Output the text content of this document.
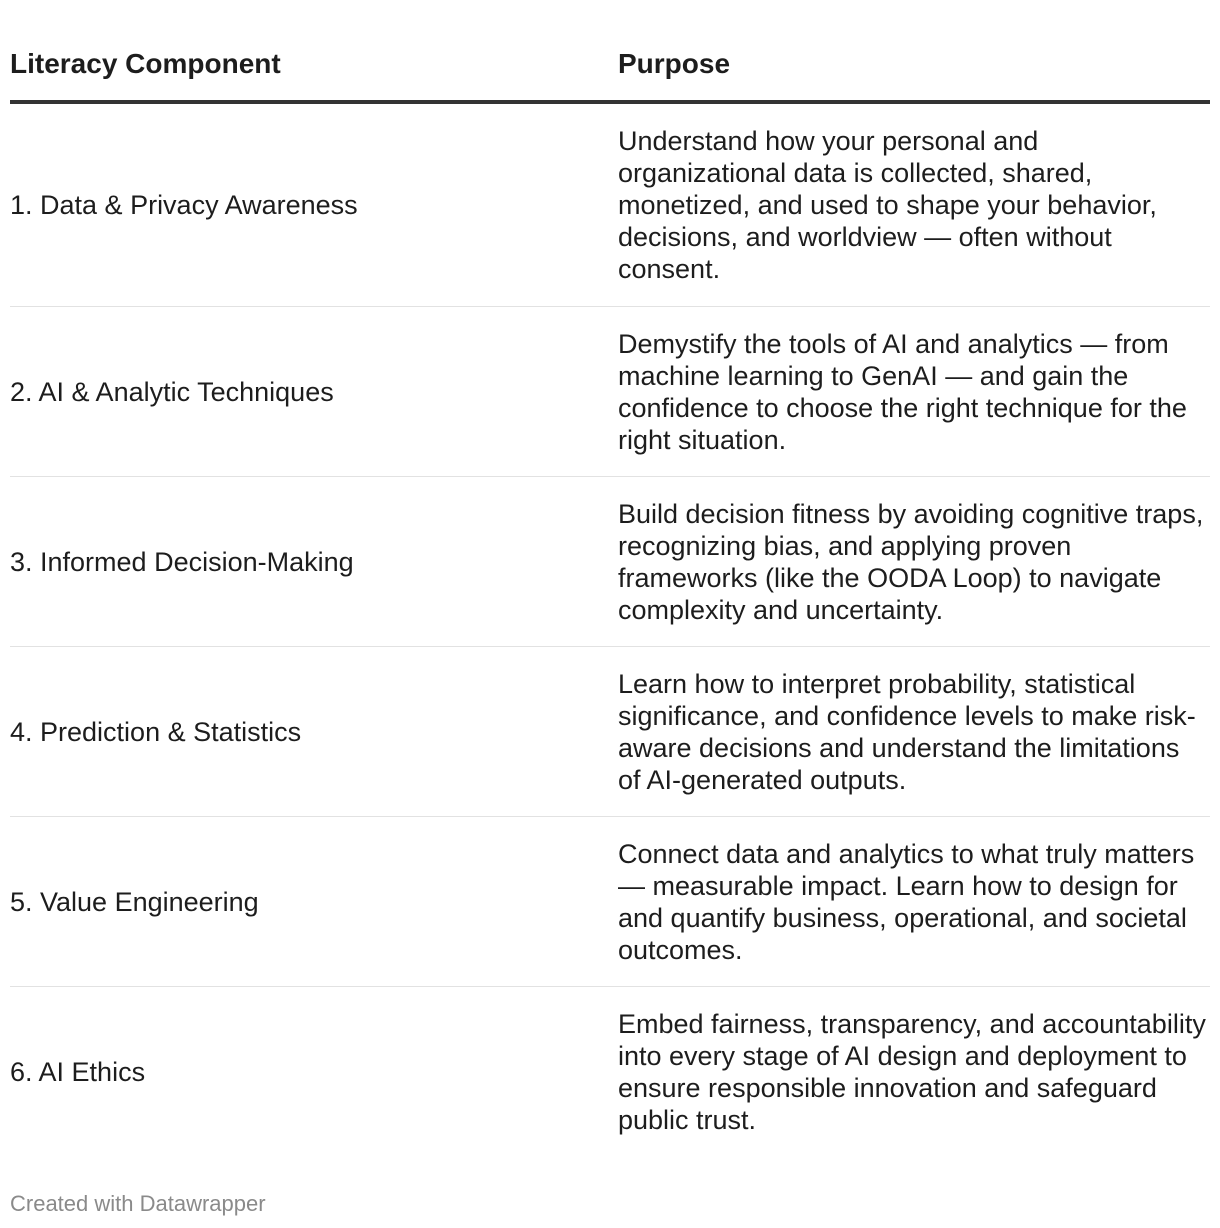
Literacy Component	Purpose
1. Data & Privacy Awareness	Understand how your personal and organizational data is collected, shared, monetized, and used to shape your behavior, decisions, and worldview — often without consent.
2. AI & Analytic Techniques	Demystify the tools of AI and analytics — from machine learning to GenAI — and gain the confidence to choose the right technique for the right situation.
3. Informed Decision-Making	Build decision fitness by avoiding cognitive traps, recognizing bias, and applying proven frameworks (like the OODA Loop) to navigate complexity and uncertainty.
4. Prediction & Statistics	Learn how to interpret probability, statistical significance, and confidence levels to make risk-aware decisions and understand the limitations of AI-generated outputs.
5. Value Engineering	Connect data and analytics to what truly matters — measurable impact. Learn how to design for and quantify business, operational, and societal outcomes.
6. AI Ethics	Embed fairness, transparency, and accountability into every stage of AI design and deployment to ensure responsible innovation and safeguard public trust.
Created with Datawrapper
